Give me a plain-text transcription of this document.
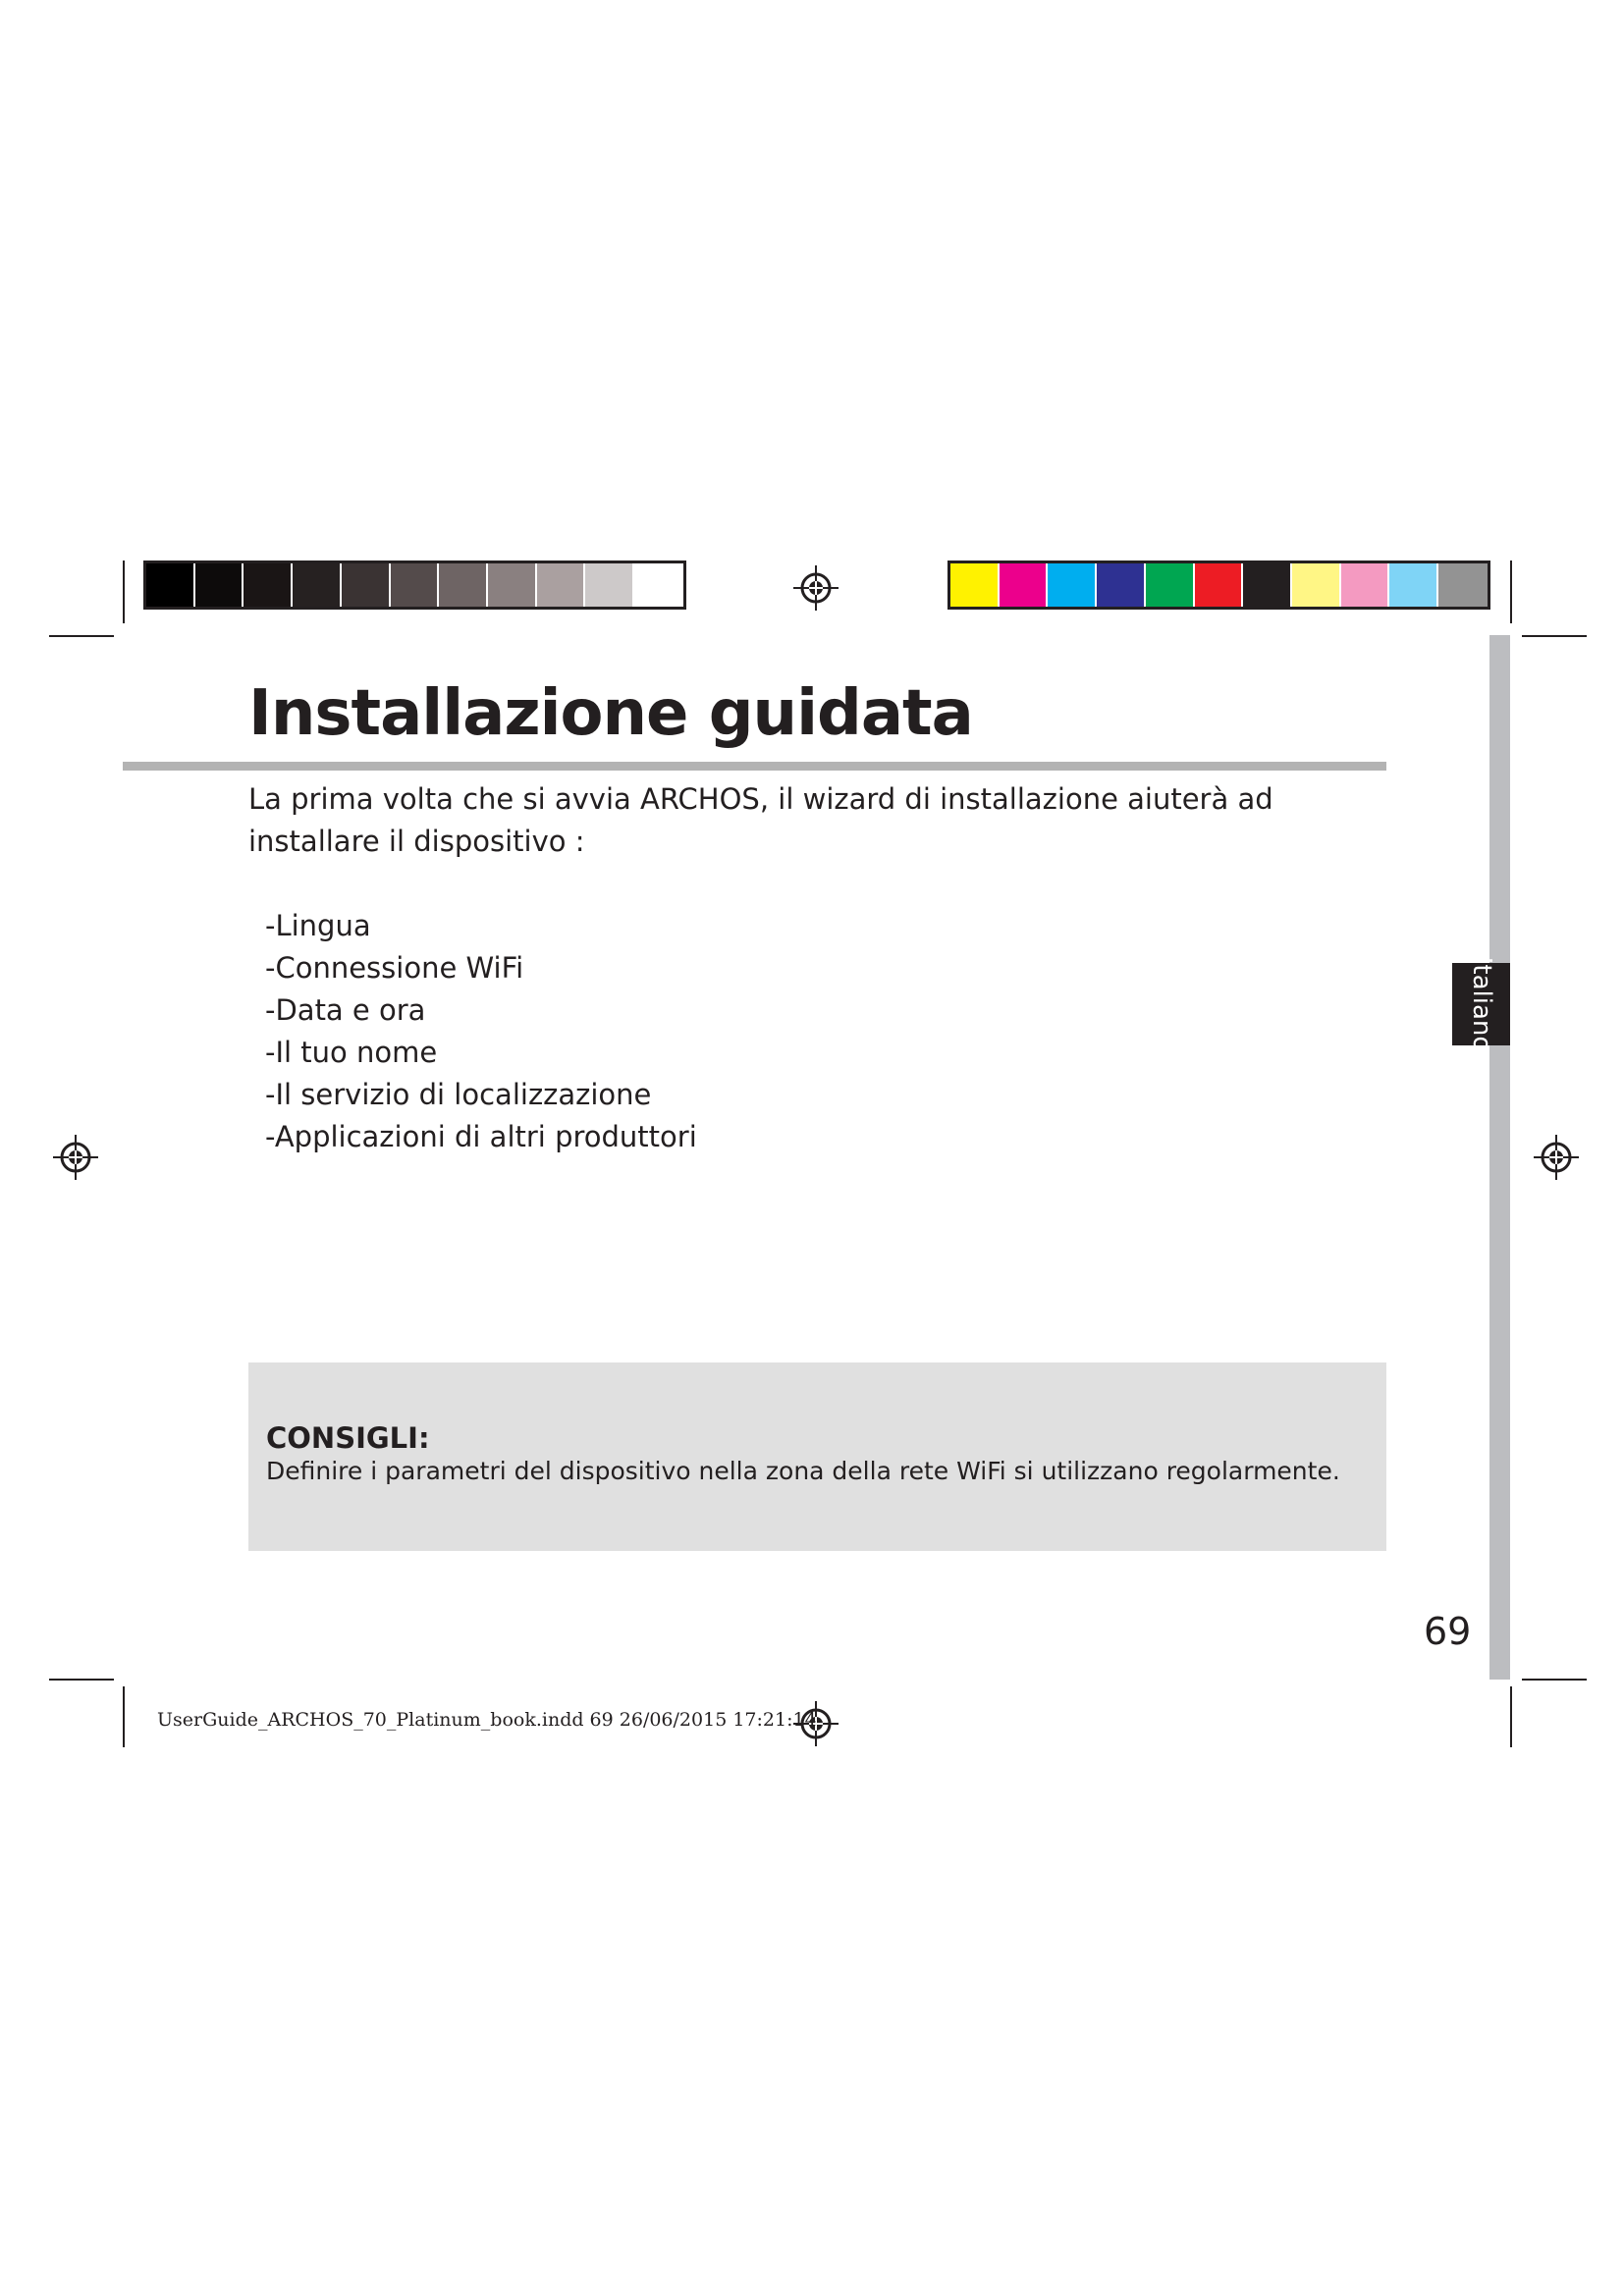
Italiano
Installazione guidata

La prima volta che si avvia ARCHOS, il wizard di installazione aiuterà ad installare il dispositivo :

-Lingua
-Connessione WiFi
-Data e ora
-Il tuo nome
-Il servizio di localizzazione
-Applicazioni di altri produttori
CONSIGLI:
Definire i parametri del dispositivo nella zona della rete WiFi si utilizzano regolarmente.
69
UserGuide_ARCHOS_70_Platinum_book.indd 69 26/06/2015 17:21:14
